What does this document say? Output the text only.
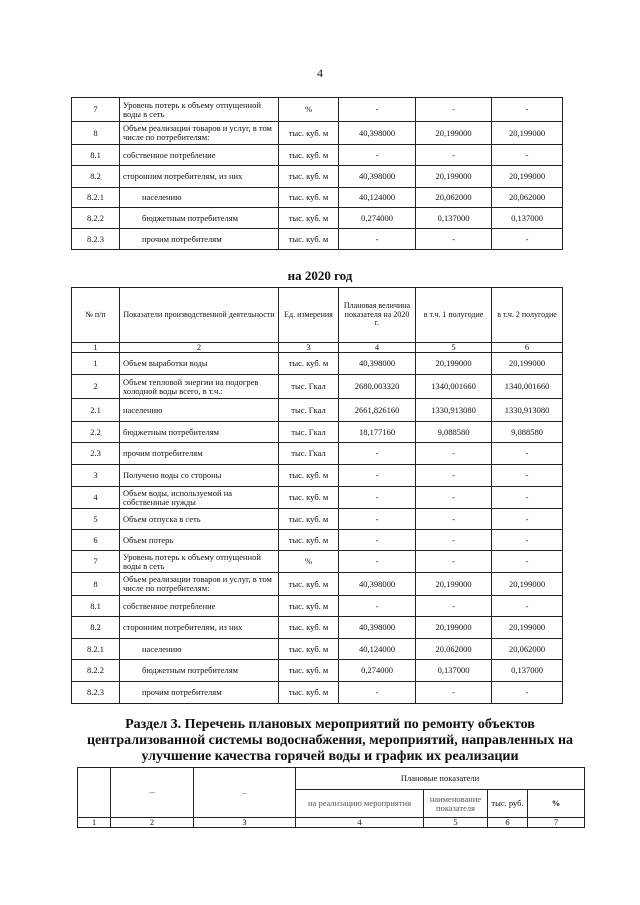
4
7	Уровень потерь к объему отпущенной воды в сеть	%	-	-	-
8	Объем реализации товаров и услуг, в том числе по потребителям:	тыс. куб. м	40,398000	20,199000	20,199000
8.1	собственное потребление	тыс. куб. м	-	-	-
8.2	сторонним потребителям, из них	тыс. куб. м	40,398000	20,199000	20,199000
8.2.1	населению	тыс. куб. м	40,124000	20,062000	20,062000
8.2.2	бюджетным потребителям	тыс. куб. м	0,274000	0,137000	0,137000
8.2.3	прочим потребителям	тыс. куб. м	-	-	-
на 2020 год
№ п/п	Показатели производственной деятельности	Ед. измерения	Плановая величина показателя на 2020 г.	в т.ч. 1 полугодие	в т.ч. 2 полугодие
1	2	3	4	5	6
1	Объем выработки воды	тыс. куб. м	40,398000	20,199000	20,199000
2	Объем тепловой энергии на подогрев холодной воды всего, в т.ч.:	тыс. Гкал	2680,003320	1340,001660	1340,001660
2.1	населению	тыс. Гкал	2661,826160	1330,913080	1330,913080
2.2	бюджетным потребителям	тыс. Гкал	18,177160	9,088580	9,088580
2.3	прочим потребителям	тыс. Гкал	-	-	-
3	Получено воды со стороны	тыс. куб. м	-	-	-
4	Объем воды, используемой на собственные нужды	тыс. куб. м	-	-	-
5	Объем отпуска в сеть	тыс. куб. м	-	-	-
6	Объем потерь	тыс. куб. м	-	-	-
7	Уровень потерь к объему отпущенной воды в сеть	%	-	-	-
8	Объем реализации товаров и услуг, в том числе по потребителям:	тыс. куб. м	40,398000	20,199000	20,199000
8.1	собственное потребление	тыс. куб. м	-	-	-
8.2	сторонним потребителям, из них	тыс. куб. м	40,398000	20,199000	20,199000
8.2.1	населению	тыс. куб. м	40,124000	20,062000	20,062000
8.2.2	бюджетным потребителям	тыс. куб. м	0,274000	0,137000	0,137000
8.2.3	прочим потребителям	тыс. куб. м	-	-	-
Раздел 3. Перечень плановых мероприятий по ремонту объектов централизованной системы водоснабжения, мероприятий, направленных на улучшение качества горячей воды и график их реализации
	--	–	Плановые показатели			
			на реализацию мероприятия	наименование показателя	тыс. руб.	%
1	2	3	4	5	6	7
